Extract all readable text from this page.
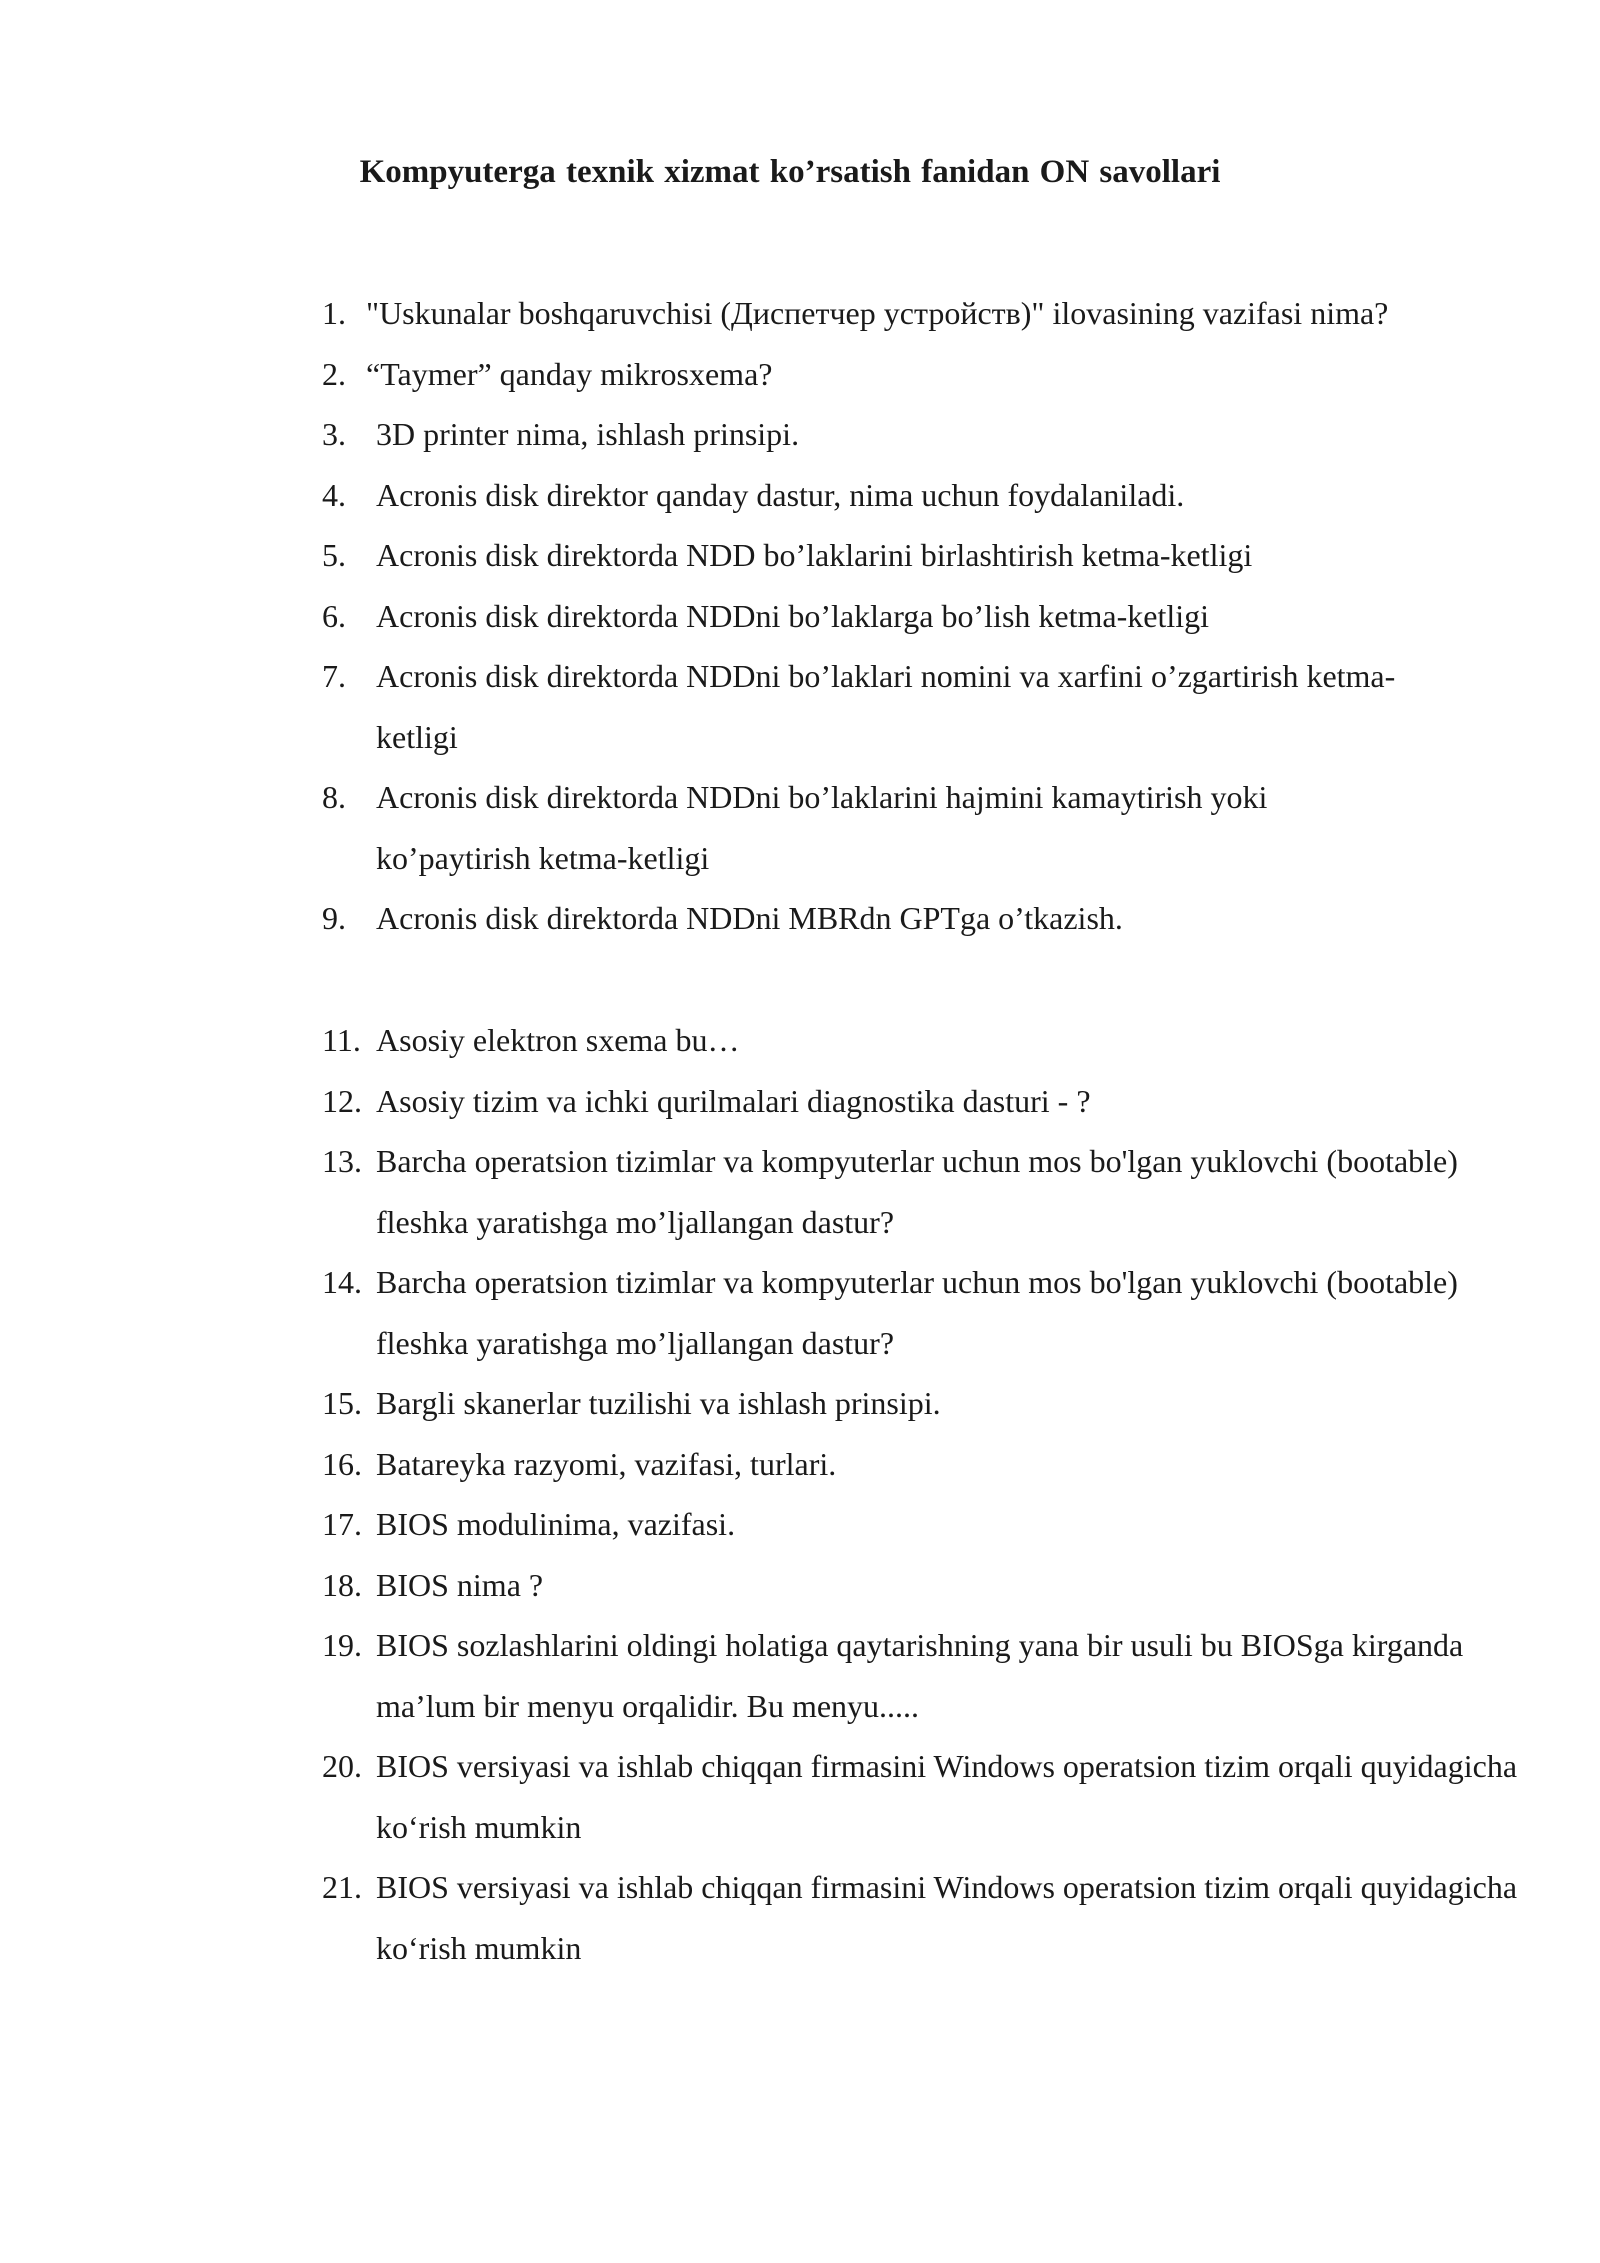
Kompyuterga texnik xizmat ko’rsatish fanidan ON savollari
1. "Uskunalar boshqaruvchisi (Диспетчер устройств)" ilovasining vazifasi nima?
2. “Taymer” qanday mikrosxema?
3. 3D printer nima, ishlash prinsipi.
4. Acronis disk direktor qanday dastur, nima uchun foydalaniladi.
5. Acronis disk direktorda NDD bo’laklarini birlashtirish ketma-ketligi
6. Acronis disk direktorda NDDni bo’laklarga bo’lish ketma-ketligi
7. Acronis disk direktorda NDDni bo’laklari nomini va xarfini o’zgartirish ketma-ketligi
8. Acronis disk direktorda NDDni bo’laklarini hajmini kamaytirish yoki ko’paytirish ketma-ketligi
9. Acronis disk direktorda NDDni MBRdn GPTga o’tkazish.
11. Asosiy elektron sxema bu…
12. Asosiy tizim va ichki qurilmalari diagnostika dasturi - ?
13. Barcha operatsion tizimlar va kompyuterlar uchun mos bo'lgan yuklovchi (bootable) fleshka yaratishga mo’ljallangan dastur?
14. Barcha operatsion tizimlar va kompyuterlar uchun mos bo'lgan yuklovchi (bootable) fleshka yaratishga mo’ljallangan dastur?
15. Bargli skanerlar tuzilishi va ishlash prinsipi.
16. Batareyka razyomi, vazifasi, turlari.
17. BIOS modulinima, vazifasi.
18. BIOS nima ?
19. BIOS sozlashlarini oldingi holatiga qaytarishning yana bir usuli bu BIOSga kirganda ma’lum bir menyu orqalidir. Bu menyu.....
20. BIOS versiyasi va ishlab chiqqan firmasini Windows operatsion tizim orqali quyidagicha ko‘rish mumkin
21. BIOS versiyasi va ishlab chiqqan firmasini Windows operatsion tizim orqali quyidagicha ko‘rish mumkin
